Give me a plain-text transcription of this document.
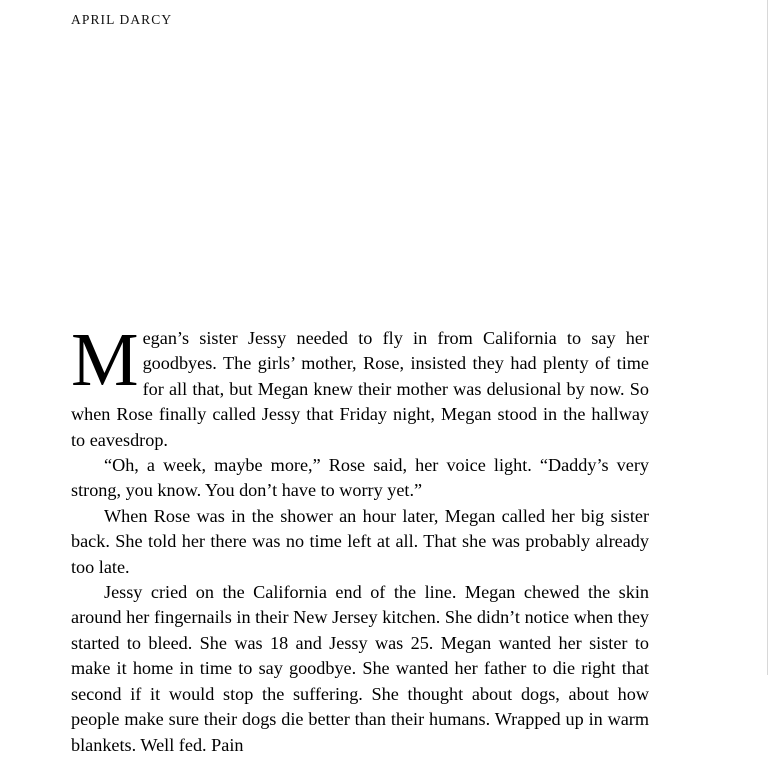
APRIL DARCY

Megan’s sister Jessy needed to fly in from California to say her goodbyes. The girls’ mother, Rose, insisted they had plenty of time for all that, but Megan knew their mother was delusional by now. So when Rose finally called Jessy that Friday night, Megan stood in the hallway to eavesdrop.

“Oh, a week, maybe more,” Rose said, her voice light. “Daddy’s very strong, you know. You don’t have to worry yet.”

When Rose was in the shower an hour later, Megan called her big sister back. She told her there was no time left at all. That she was probably already too late.

Jessy cried on the California end of the line. Megan chewed the skin around her fingernails in their New Jersey kitchen. She didn’t notice when they started to bleed. She was 18 and Jessy was 25. Megan wanted her sister to make it home in time to say goodbye. She wanted her father to die right that second if it would stop the suffering. She thought about dogs, about how people make sure their dogs die better than their humans. Wrapped up in warm blankets. Well fed. Pain
